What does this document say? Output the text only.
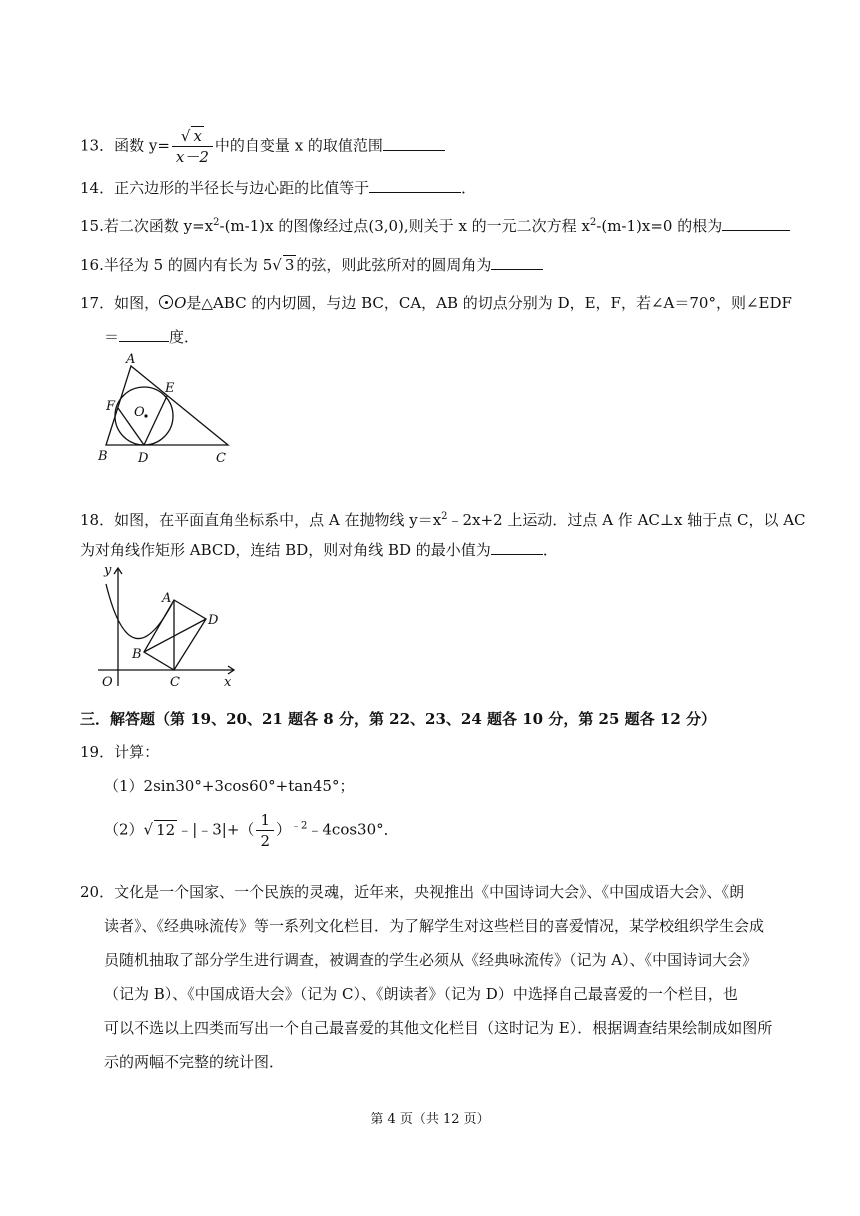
13．函数 $y= \frac{√ x}{x-2}$ 中的自变量 x 的取值范围
14．正六边形的半径长与边心距的比值等于	．
15.若二次函数 $y=x^2-(m-1)x$ 的图像经过点(3,0),则关于 x 的一元二次方程 $x^2-(m-1)x=0$ 的根为
16.半径为 5 的圆内有长为 5√ 3 的弦，则此弦所对的圆周角为
17．如图， O是△ABC 的内切圆，与边 BC，CA，AB 的切点分别为 D，E，F，若∠A＝70°，则∠EDF
＝	度．
A
B	C
D
E
F O
18．如图，在平面直角坐标系中，点 A 在抛物线 $y=x^2﹣2x+2$ 上运动．过点 A 作 AC⊥x 轴于点 C，以 AC
为对角线作矩形 ABCD，连结 BD，则对角线 BD 的最小值为	．
y
x
O
A
B
C
D
三．解答题（第 19、20、21 题各 8 分，第 22、23、24 题各 10 分，第 25 题各 12 分）
19．计算：
（1）2sin30°+3cos60°+tan45°；
（2）√ 12 ﹣|﹣3|+（ $\frac{1}{2}$ ）$^{﹣2}$﹣4cos30°．
20．文化是一个国家、一个民族的灵魂，近年来，央视推出《中国诗词大会》、《中国成语大会》、《朗
读者》、《经典咏流传》等一系列文化栏目．为了解学生对这些栏目的喜爱情况，某学校组织学生会成
员随机抽取了部分学生进行调查，被调查的学生必须从《经典咏流传》（记为 A）、《中国诗词大会》
（记为 B）、《中国成语大会》（记为 C）、《朗读者》（记为 D）中选择自己最喜爱的一个栏目，也
可以不选以上四类而写出一个自己最喜爱的其他文化栏目（这时记为 E）．根据调查结果绘制成如图所
示的两幅不完整的统计图．
第 4 页（共 12 页）
